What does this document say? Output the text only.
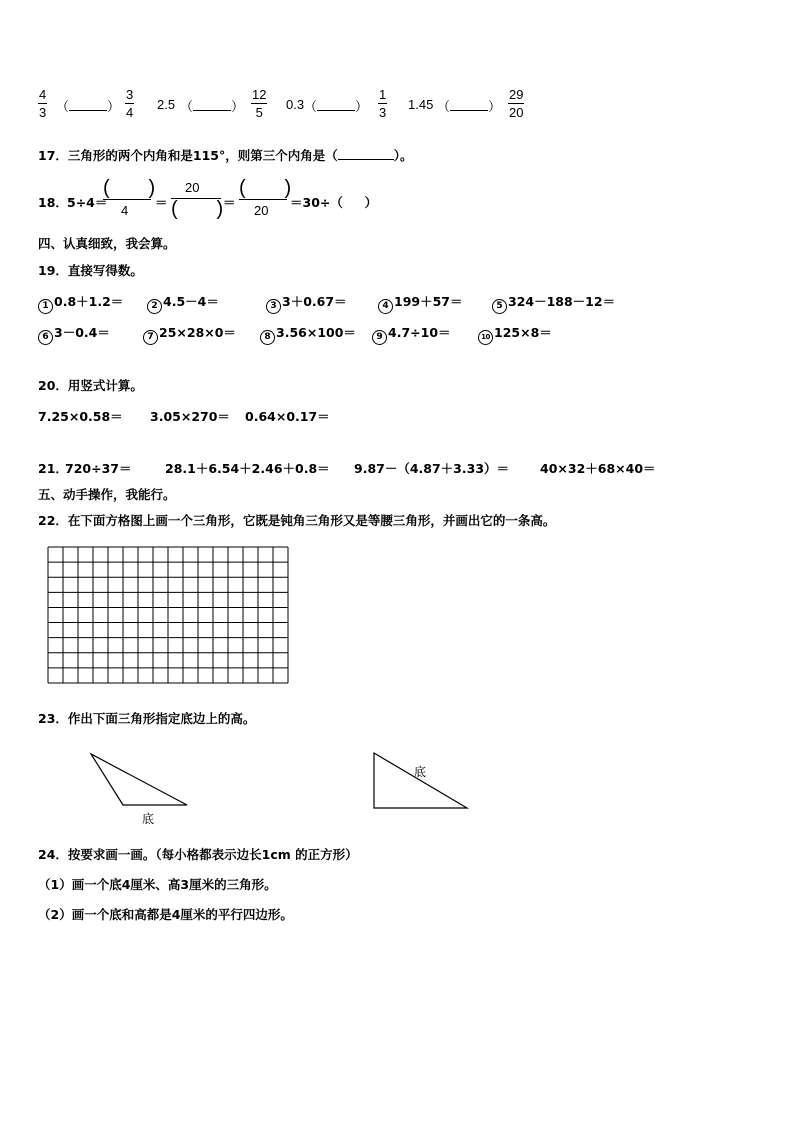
4
3 （	）
3
4
2.5 （	）
12
5
0.3 （	）
1
3
1.45 （	）
29
20
17．三角形的两个内角和是115°，则第三个内角是（	）。
18． 5÷4＝
(       )
4
＝
20
(       ) ＝
(       )
20
＝30÷（ ）
四、认真细致，我会算。
19．直接写得数。
1 0.8＋1.2＝	2 4.5－4＝	3 3＋0.67＝	4 199＋57＝	5 324－188－12＝
6 3－0.4＝	7 25×28×0＝	8 3.56×100＝	9 4.7÷10＝	10 125×8＝
20．用竖式计算。
7.25×0.58＝ 3.05×270＝ 0.64×0.17＝
21．
720÷37＝	28.1＋6.54＋2.46＋0.8＝ 9.87－（4.87＋3.33）＝ 40×32＋68×40＝
五、动手操作，我能行。
22．在下面方格图上画一个三角形，它既是钝角三角形又是等腰三角形，并画出它的一条高。
23．作出下面三角形指定底边上的高。
底
底
24．按要求画一画。（每小格都表示边长1cm 的正方形）
（1）画一个底4厘米、高3厘米的三角形。
（2）画一个底和高都是4厘米的平行四边形。
